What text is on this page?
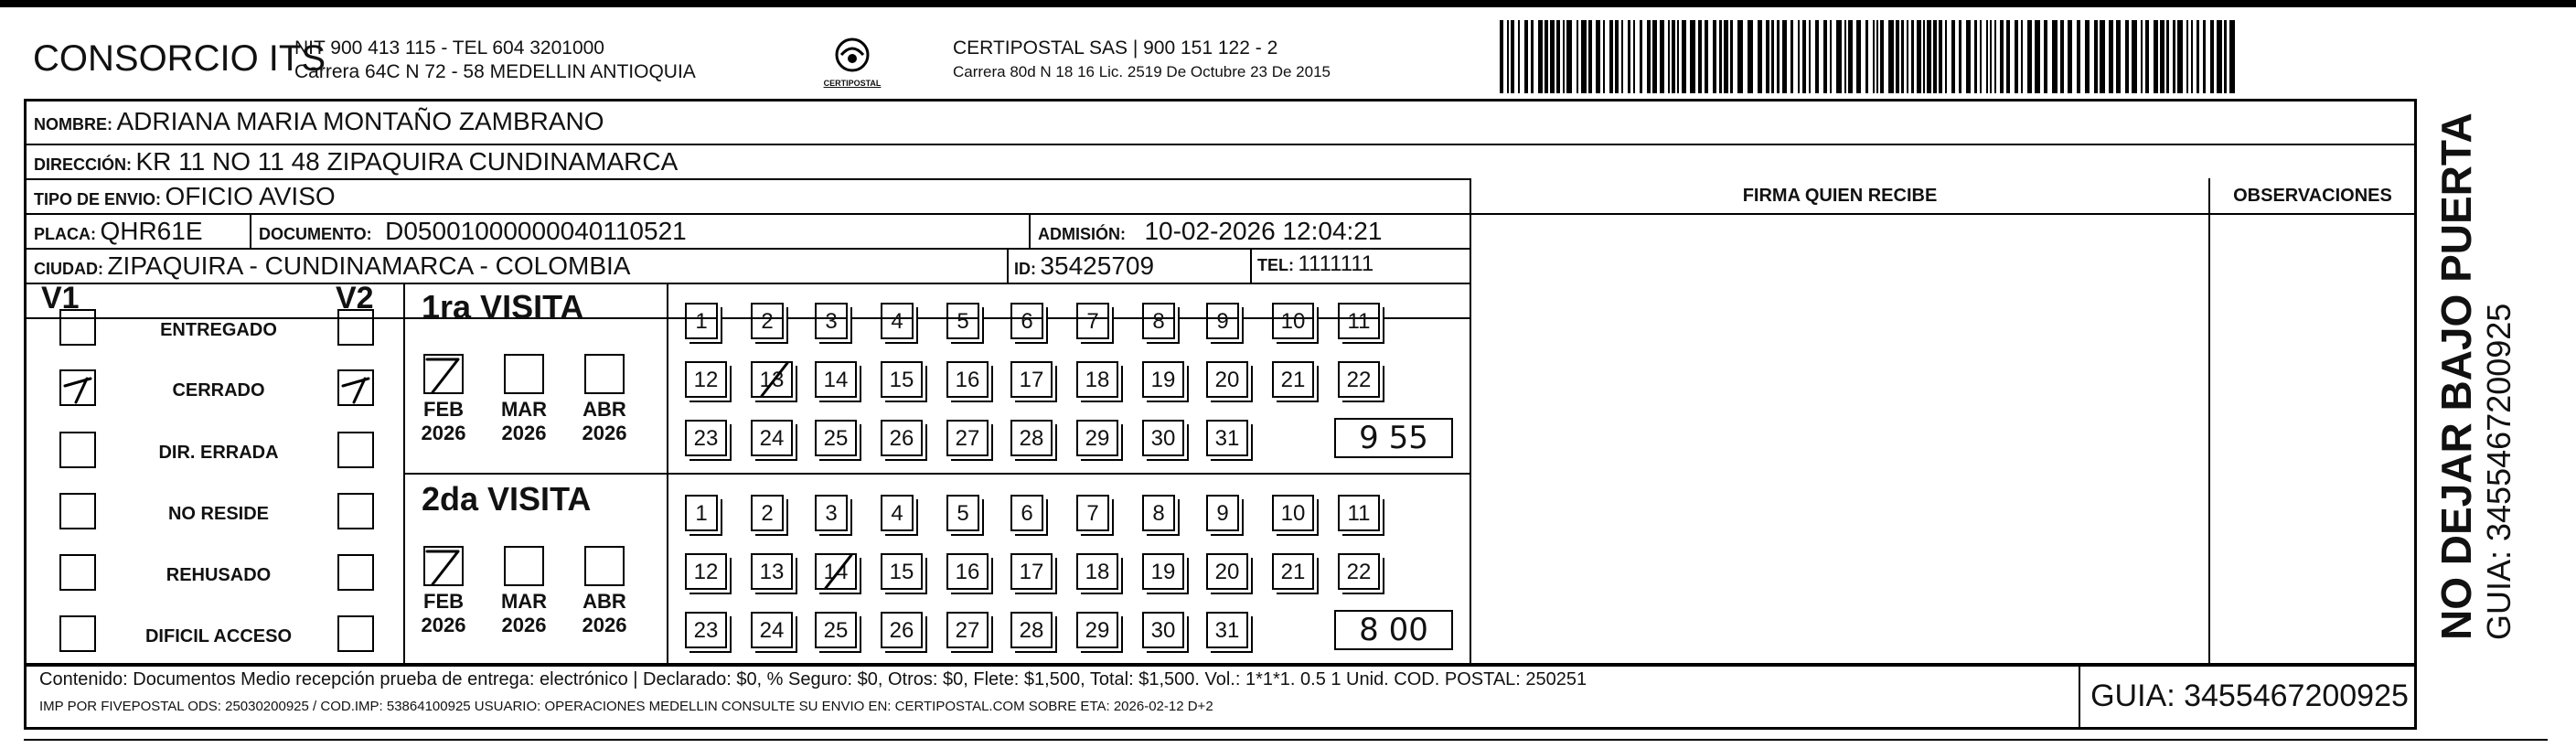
CONSORCIO ITS
NIT 900 413 115 - TEL 604 3201000
Carrera 64C N 72 - 58 MEDELLIN ANTIOQUIA
CERTIPOSTAL
CERTIPOSTAL SAS | 900 151 122 - 2
Carrera 80d N 18 16 Lic. 2519 De Octubre 23 De 2015
NOMBRE: ADRIANA MARIA MONTAÑO ZAMBRANO
DIRECCIÓN: KR 11 NO 11 48 ZIPAQUIRA CUNDINAMARCA
TIPO DE ENVIO: OFICIO AVISO	FIRMA QUIEN RECIBE	OBSERVACIONES
PLACA: QHR61E	DOCUMENTO: D05001000000040110521	ADMISIÓN: 10-02-2026 12:04:21
CIUDAD: ZIPAQUIRA - CUNDINAMARCA - COLOMBIA	ID: 35425709	TEL: 1111111
V1	V2
ENTREGADO
CERRADO
DIR. ERRADA
NO RESIDE
REHUSADO
DIFICIL ACCESO
1ra VISITA
FEB
2026
MAR
2026
ABR
2026
1	2	3	4	5	6	7	8	9	10	11
12	13	14	15	16	17	18	19	20	21	22
23	24	25	26	27	28	29	30	31	9 55
2da VISITA
FEB
2026
MAR
2026
ABR
2026
1	2	3	4	5	6	7	8	9	10	11
12	13	14	15	16	17	18	19	20	21	22
23	24	25	26	27	28	29	30	31	8 00
Contenido: Documentos Medio recepción prueba de entrega: electrónico | Declarado: $0, % Seguro: $0, Otros: $0, Flete: $1,500, Total: $1,500. Vol.: 1*1*1. 0.5 1 Unid. COD. POSTAL: 250251
IMP POR FIVEPOSTAL ODS: 25030200925 / COD.IMP: 53864100925 USUARIO: OPERACIONES MEDELLIN CONSULTE SU ENVIO EN: CERTIPOSTAL.COM SOBRE ETA: 2026-02-12 D+2	GUIA: 3455467200925
NO DEJAR BAJO PUERTA GUIA: 3455467200925
